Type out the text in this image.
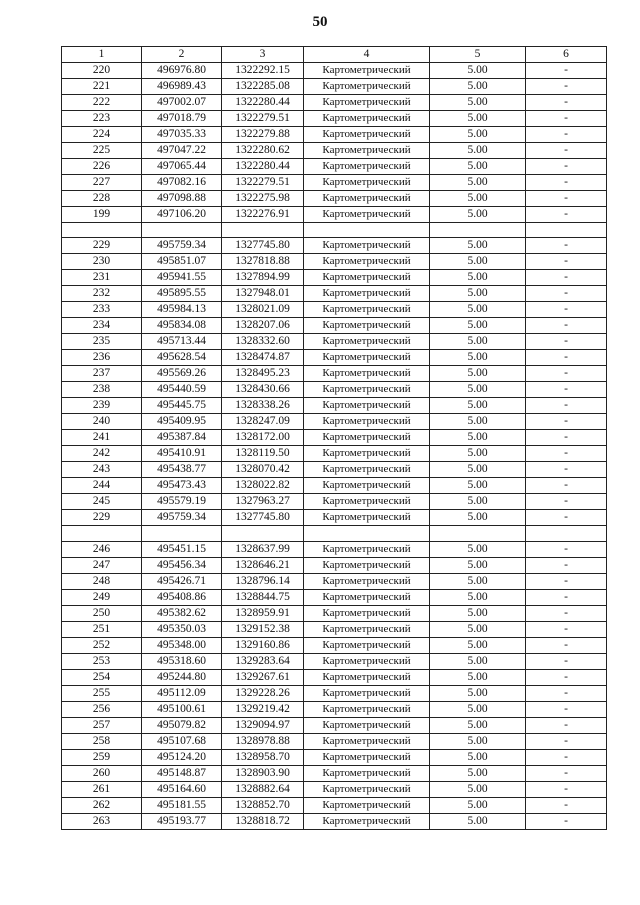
50
1	2	3	4	5	6
220	496976.80	1322292.15	Картометрический	5.00	-
221	496989.43	1322285.08	Картометрический	5.00	-
222	497002.07	1322280.44	Картометрический	5.00	-
223	497018.79	1322279.51	Картометрический	5.00	-
224	497035.33	1322279.88	Картометрический	5.00	-
225	497047.22	1322280.62	Картометрический	5.00	-
226	497065.44	1322280.44	Картометрический	5.00	-
227	497082.16	1322279.51	Картометрический	5.00	-
228	497098.88	1322275.98	Картометрический	5.00	-
199	497106.20	1322276.91	Картометрический	5.00	-

229	495759.34	1327745.80	Картометрический	5.00	-
230	495851.07	1327818.88	Картометрический	5.00	-
231	495941.55	1327894.99	Картометрический	5.00	-
232	495895.55	1327948.01	Картометрический	5.00	-
233	495984.13	1328021.09	Картометрический	5.00	-
234	495834.08	1328207.06	Картометрический	5.00	-
235	495713.44	1328332.60	Картометрический	5.00	-
236	495628.54	1328474.87	Картометрический	5.00	-
237	495569.26	1328495.23	Картометрический	5.00	-
238	495440.59	1328430.66	Картометрический	5.00	-
239	495445.75	1328338.26	Картометрический	5.00	-
240	495409.95	1328247.09	Картометрический	5.00	-
241	495387.84	1328172.00	Картометрический	5.00	-
242	495410.91	1328119.50	Картометрический	5.00	-
243	495438.77	1328070.42	Картометрический	5.00	-
244	495473.43	1328022.82	Картометрический	5.00	-
245	495579.19	1327963.27	Картометрический	5.00	-
229	495759.34	1327745.80	Картометрический	5.00	-

246	495451.15	1328637.99	Картометрический	5.00	-
247	495456.34	1328646.21	Картометрический	5.00	-
248	495426.71	1328796.14	Картометрический	5.00	-
249	495408.86	1328844.75	Картометрический	5.00	-
250	495382.62	1328959.91	Картометрический	5.00	-
251	495350.03	1329152.38	Картометрический	5.00	-
252	495348.00	1329160.86	Картометрический	5.00	-
253	495318.60	1329283.64	Картометрический	5.00	-
254	495244.80	1329267.61	Картометрический	5.00	-
255	495112.09	1329228.26	Картометрический	5.00	-
256	495100.61	1329219.42	Картометрический	5.00	-
257	495079.82	1329094.97	Картометрический	5.00	-
258	495107.68	1328978.88	Картометрический	5.00	-
259	495124.20	1328958.70	Картометрический	5.00	-
260	495148.87	1328903.90	Картометрический	5.00	-
261	495164.60	1328882.64	Картометрический	5.00	-
262	495181.55	1328852.70	Картометрический	5.00	-
263	495193.77	1328818.72	Картометрический	5.00	-
